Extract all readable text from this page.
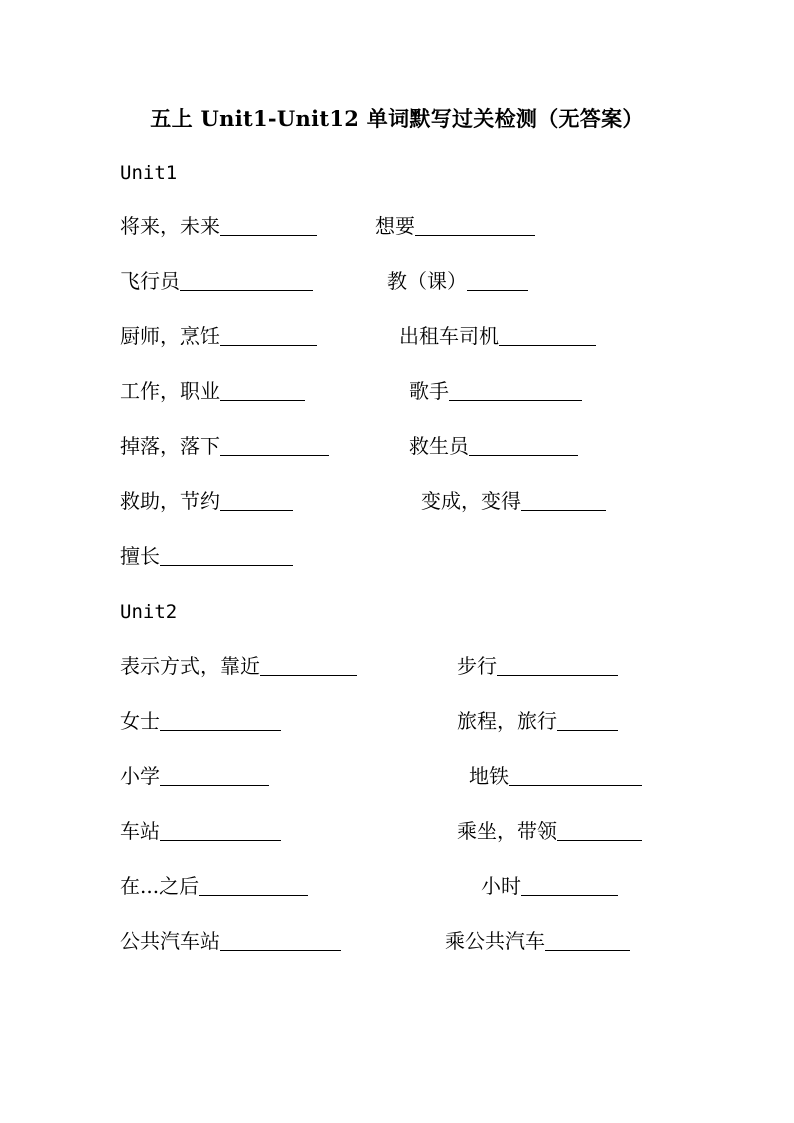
五上 Unit1-Unit12 单词默写过关检测（无答案）
Unit1
将来，未来	想要
飞行员	教（课）
厨师，烹饪	出租车司机
工作，职业	歌手
掉落，落下	救生员
救助，节约	变成，变得
擅长
Unit2
表示方式，靠近	步行
女士	旅程，旅行
小学	地铁
车站	乘坐，带领
在...之后	小时
公共汽车站	乘公共汽车
